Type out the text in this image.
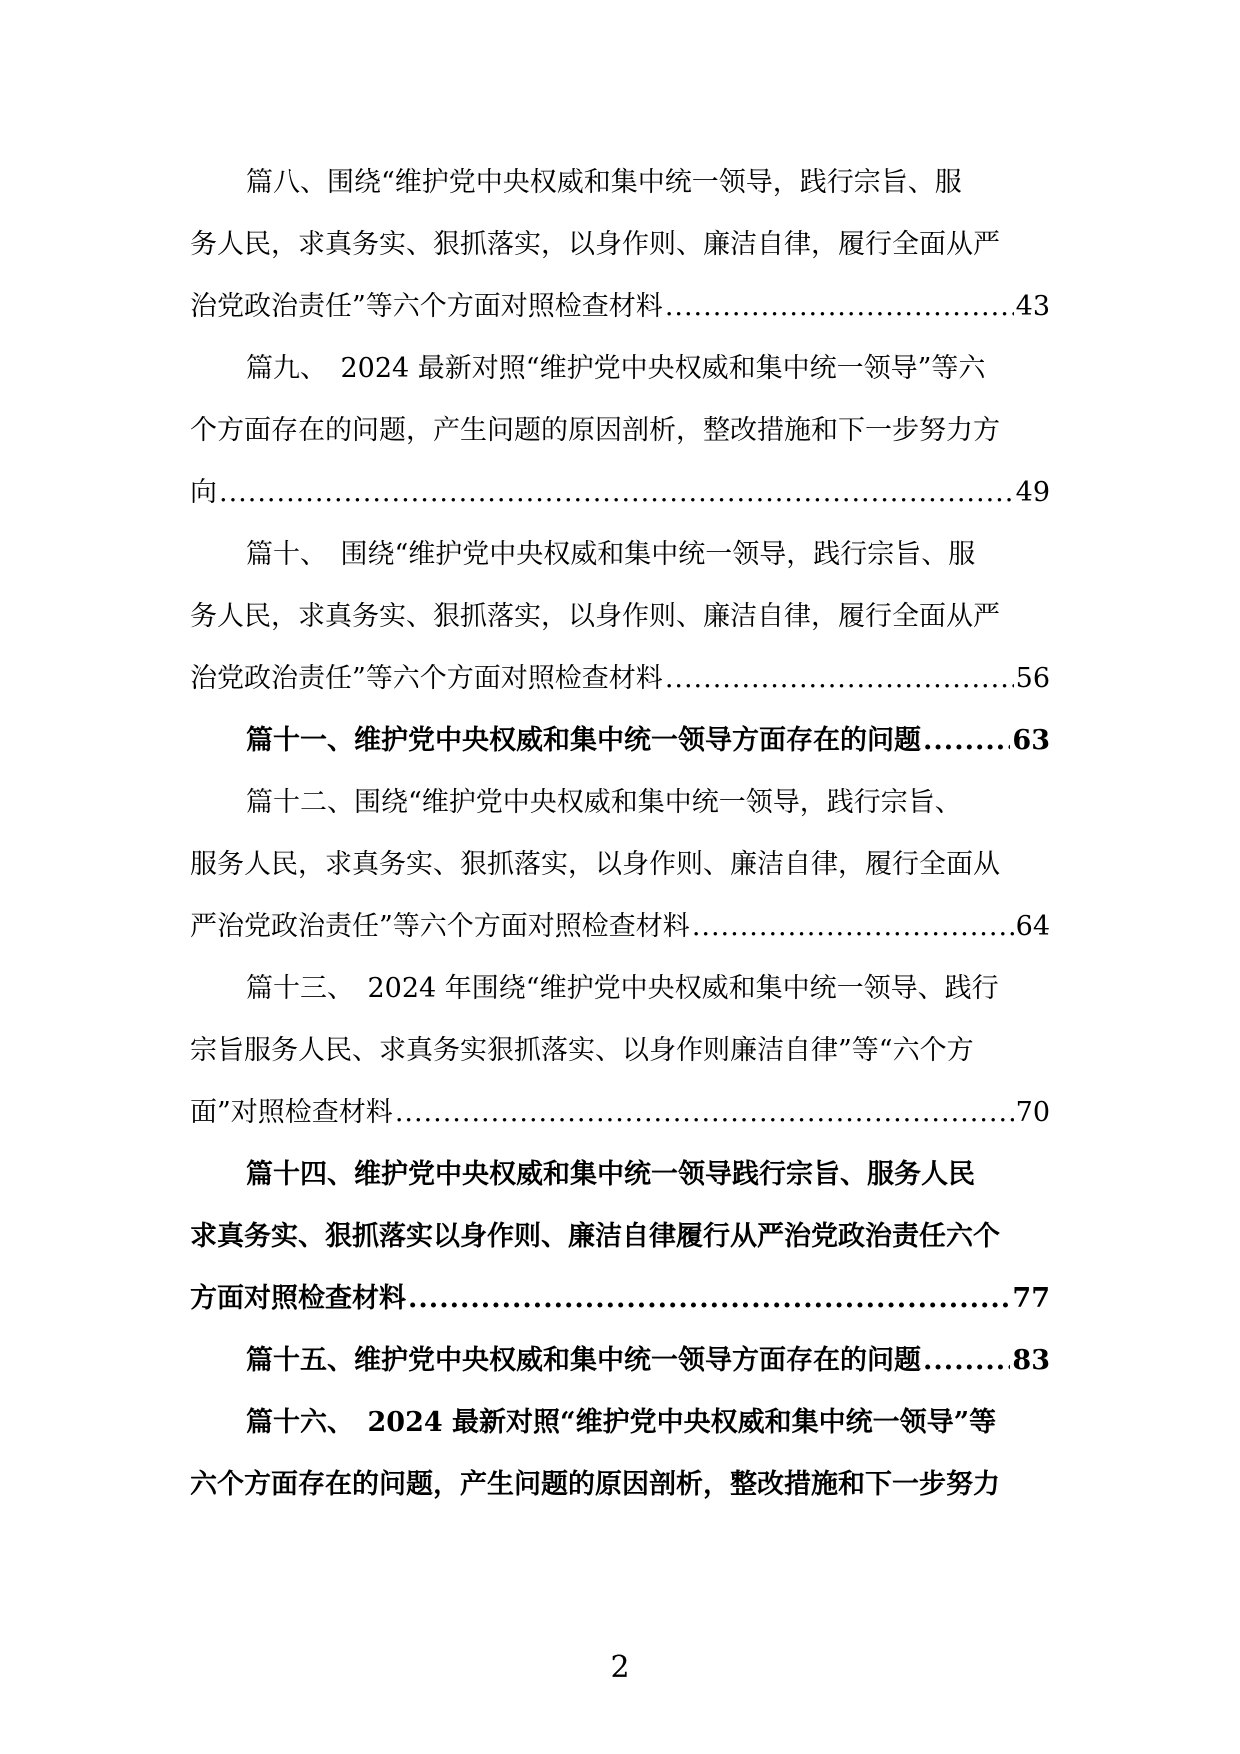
篇八、围绕“维护党中央权威和集中统一领导，践行宗旨、服
务人民，求真务实、狠抓落实，以身作则、廉洁自律，履行全面从严
治党政治责任”等六个方面对照检查材料 .....	43
篇九、　2024 最新对照“维护党中央权威和集中统一领导”等六
个方面存在的问题，产生问题的原因剖析，整改措施和下一步努力方
向 .....	49
篇十、　围绕“维护党中央权威和集中统一领导，践行宗旨、服
务人民，求真务实、狠抓落实，以身作则、廉洁自律，履行全面从严
治党政治责任”等六个方面对照检查材料 .....	56
篇十一、维护党中央权威和集中统一领导方面存在的问题 .....	63
篇十二、围绕“维护党中央权威和集中统一领导，践行宗旨、
服务人民，求真务实、狠抓落实，以身作则、廉洁自律，履行全面从
严治党政治责任”等六个方面对照检查材料 .....	64
篇十三、　2024 年围绕“维护党中央权威和集中统一领导、践行
宗旨服务人民、求真务实狠抓落实、以身作则廉洁自律”等“六个方
面”对照检查材料 .....	70
篇十四、维护党中央权威和集中统一领导践行宗旨、服务人民
求真务实、狠抓落实以身作则、廉洁自律履行从严治党政治责任六个
方面对照检查材料 .....	77
篇十五、维护党中央权威和集中统一领导方面存在的问题 .....	83
篇十六、　2024 最新对照“维护党中央权威和集中统一领导”等
六个方面存在的问题，产生问题的原因剖析，整改措施和下一步努力
2
